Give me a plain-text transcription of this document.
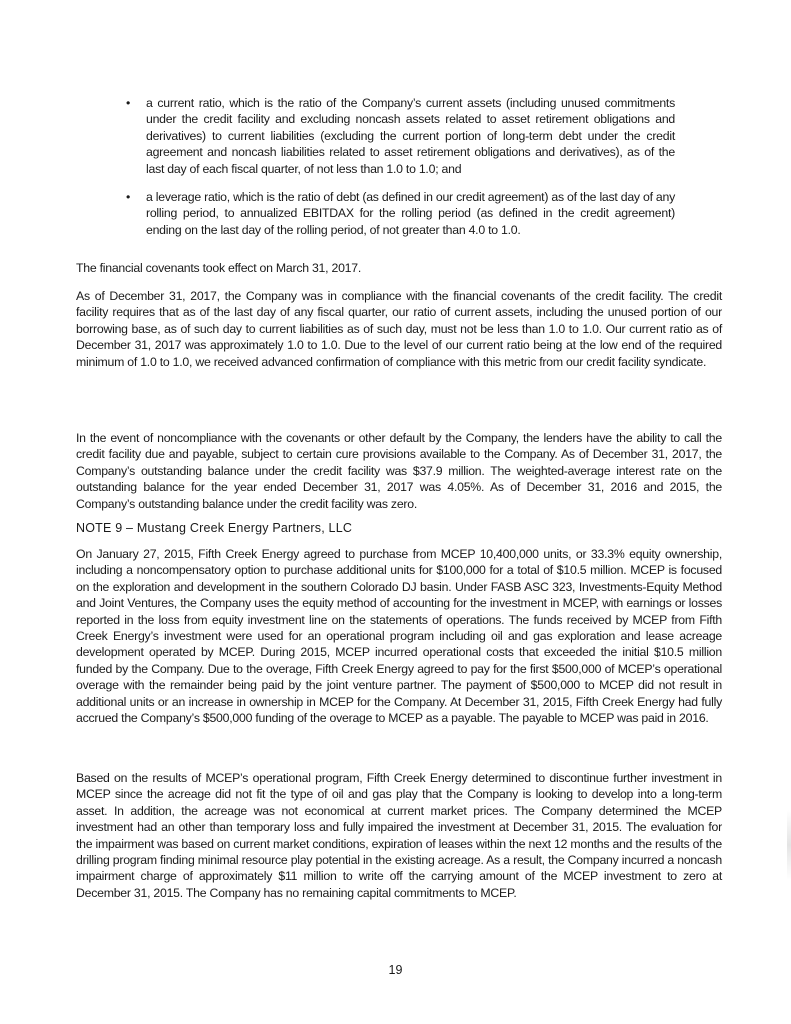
• a current ratio, which is the ratio of the Company’s current assets (including unused commitments under the credit facility and excluding noncash assets related to asset retirement obligations and derivatives) to current liabilities (excluding the current portion of long-term debt under the credit agreement and noncash liabilities related to asset retirement obligations and derivatives), as of the last day of each fiscal quarter, of not less than 1.0 to 1.0; and
• a leverage ratio, which is the ratio of debt (as defined in our credit agreement) as of the last day of any rolling period, to annualized EBITDAX for the rolling period (as defined in the credit agreement) ending on the last day of the rolling period, of not greater than 4.0 to 1.0.

The financial covenants took effect on March 31, 2017.

As of December 31, 2017, the Company was in compliance with the financial covenants of the credit facility. The credit facility requires that as of the last day of any fiscal quarter, our ratio of current assets, including the unused portion of our borrowing base, as of such day to current liabilities as of such day, must not be less than 1.0 to 1.0. Our current ratio as of December 31, 2017 was approximately 1.0 to 1.0. Due to the level of our current ratio being at the low end of the required minimum of 1.0 to 1.0, we received advanced confirmation of compliance with this metric from our credit facility syndicate.

In the event of noncompliance with the covenants or other default by the Company, the lenders have the ability to call the credit facility due and payable, subject to certain cure provisions available to the Company. As of December 31, 2017, the Company’s outstanding balance under the credit facility was $37.9 million. The weighted-average interest rate on the outstanding balance for the year ended December 31, 2017 was 4.05%. As of December 31, 2016 and 2015, the Company’s outstanding balance under the credit facility was zero.

NOTE 9 – Mustang Creek Energy Partners, LLC

On January 27, 2015, Fifth Creek Energy agreed to purchase from MCEP 10,400,000 units, or 33.3% equity ownership, including a noncompensatory option to purchase additional units for $100,000 for a total of $10.5 million. MCEP is focused on the exploration and development in the southern Colorado DJ basin. Under FASB ASC 323, Investments-Equity Method and Joint Ventures, the Company uses the equity method of accounting for the investment in MCEP, with earnings or losses reported in the loss from equity investment line on the statements of operations. The funds received by MCEP from Fifth Creek Energy’s investment were used for an operational program including oil and gas exploration and lease acreage development operated by MCEP. During 2015, MCEP incurred operational costs that exceeded the initial $10.5 million funded by the Company. Due to the overage, Fifth Creek Energy agreed to pay for the first $500,000 of MCEP’s operational overage with the remainder being paid by the joint venture partner. The payment of $500,000 to MCEP did not result in additional units or an increase in ownership in MCEP for the Company. At December 31, 2015, Fifth Creek Energy had fully accrued the Company’s $500,000 funding of the overage to MCEP as a payable. The payable to MCEP was paid in 2016.

Based on the results of MCEP’s operational program, Fifth Creek Energy determined to discontinue further investment in MCEP since the acreage did not fit the type of oil and gas play that the Company is looking to develop into a long-term asset. In addition, the acreage was not economical at current market prices. The Company determined the MCEP investment had an other than temporary loss and fully impaired the investment at December 31, 2015. The evaluation for the impairment was based on current market conditions, expiration of leases within the next 12 months and the results of the drilling program finding minimal resource play potential in the existing acreage. As a result, the Company incurred a noncash impairment charge of approximately $11 million to write off the carrying amount of the MCEP investment to zero at December 31, 2015. The Company has no remaining capital commitments to MCEP.

19
